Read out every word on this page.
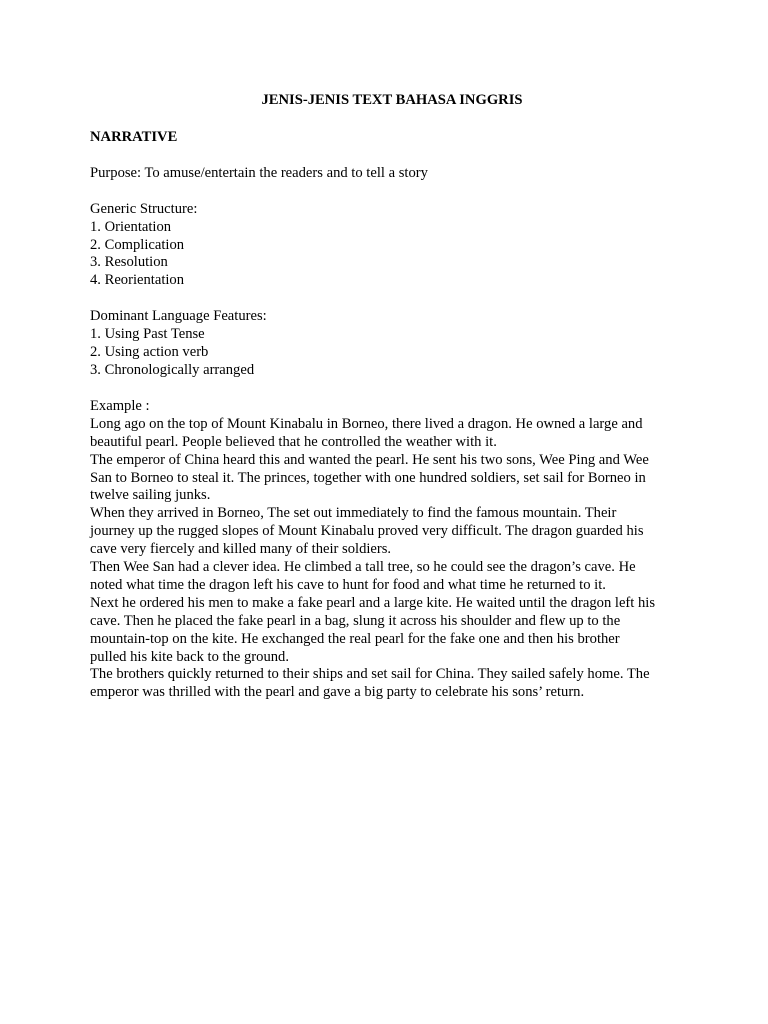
JENIS-JENIS TEXT BAHASA INGGRIS
NARRATIVE
Purpose: To amuse/entertain the readers and to tell a story
Generic Structure:
1. Orientation
2. Complication
3. Resolution
4. Reorientation
Dominant Language Features:
1. Using Past Tense
2. Using action verb
3. Chronologically arranged
Example :
Long ago on the top of Mount Kinabalu in Borneo, there lived a dragon. He owned a large and
beautiful pearl. People believed that he controlled the weather with it.
The emperor of China heard this and wanted the pearl. He sent his two sons, Wee Ping and Wee
San to Borneo to steal it. The princes, together with one hundred soldiers, set sail for Borneo in
twelve sailing junks.
When they arrived in Borneo, The set out immediately to find the famous mountain. Their
journey up the rugged slopes of Mount Kinabalu proved very difficult. The dragon guarded his
cave very fiercely and killed many of their soldiers.
Then Wee San had a clever idea. He climbed a tall tree, so he could see the dragon’s cave. He
noted what time the dragon left his cave to hunt for food and what time he returned to it.
Next he ordered his men to make a fake pearl and a large kite. He waited until the dragon left his
cave. Then he placed the fake pearl in a bag, slung it across his shoulder and flew up to the
mountain-top on the kite. He exchanged the real pearl for the fake one and then his brother
pulled his kite back to the ground.
The brothers quickly returned to their ships and set sail for China. They sailed safely home. The
emperor was thrilled with the pearl and gave a big party to celebrate his sons’ return.
